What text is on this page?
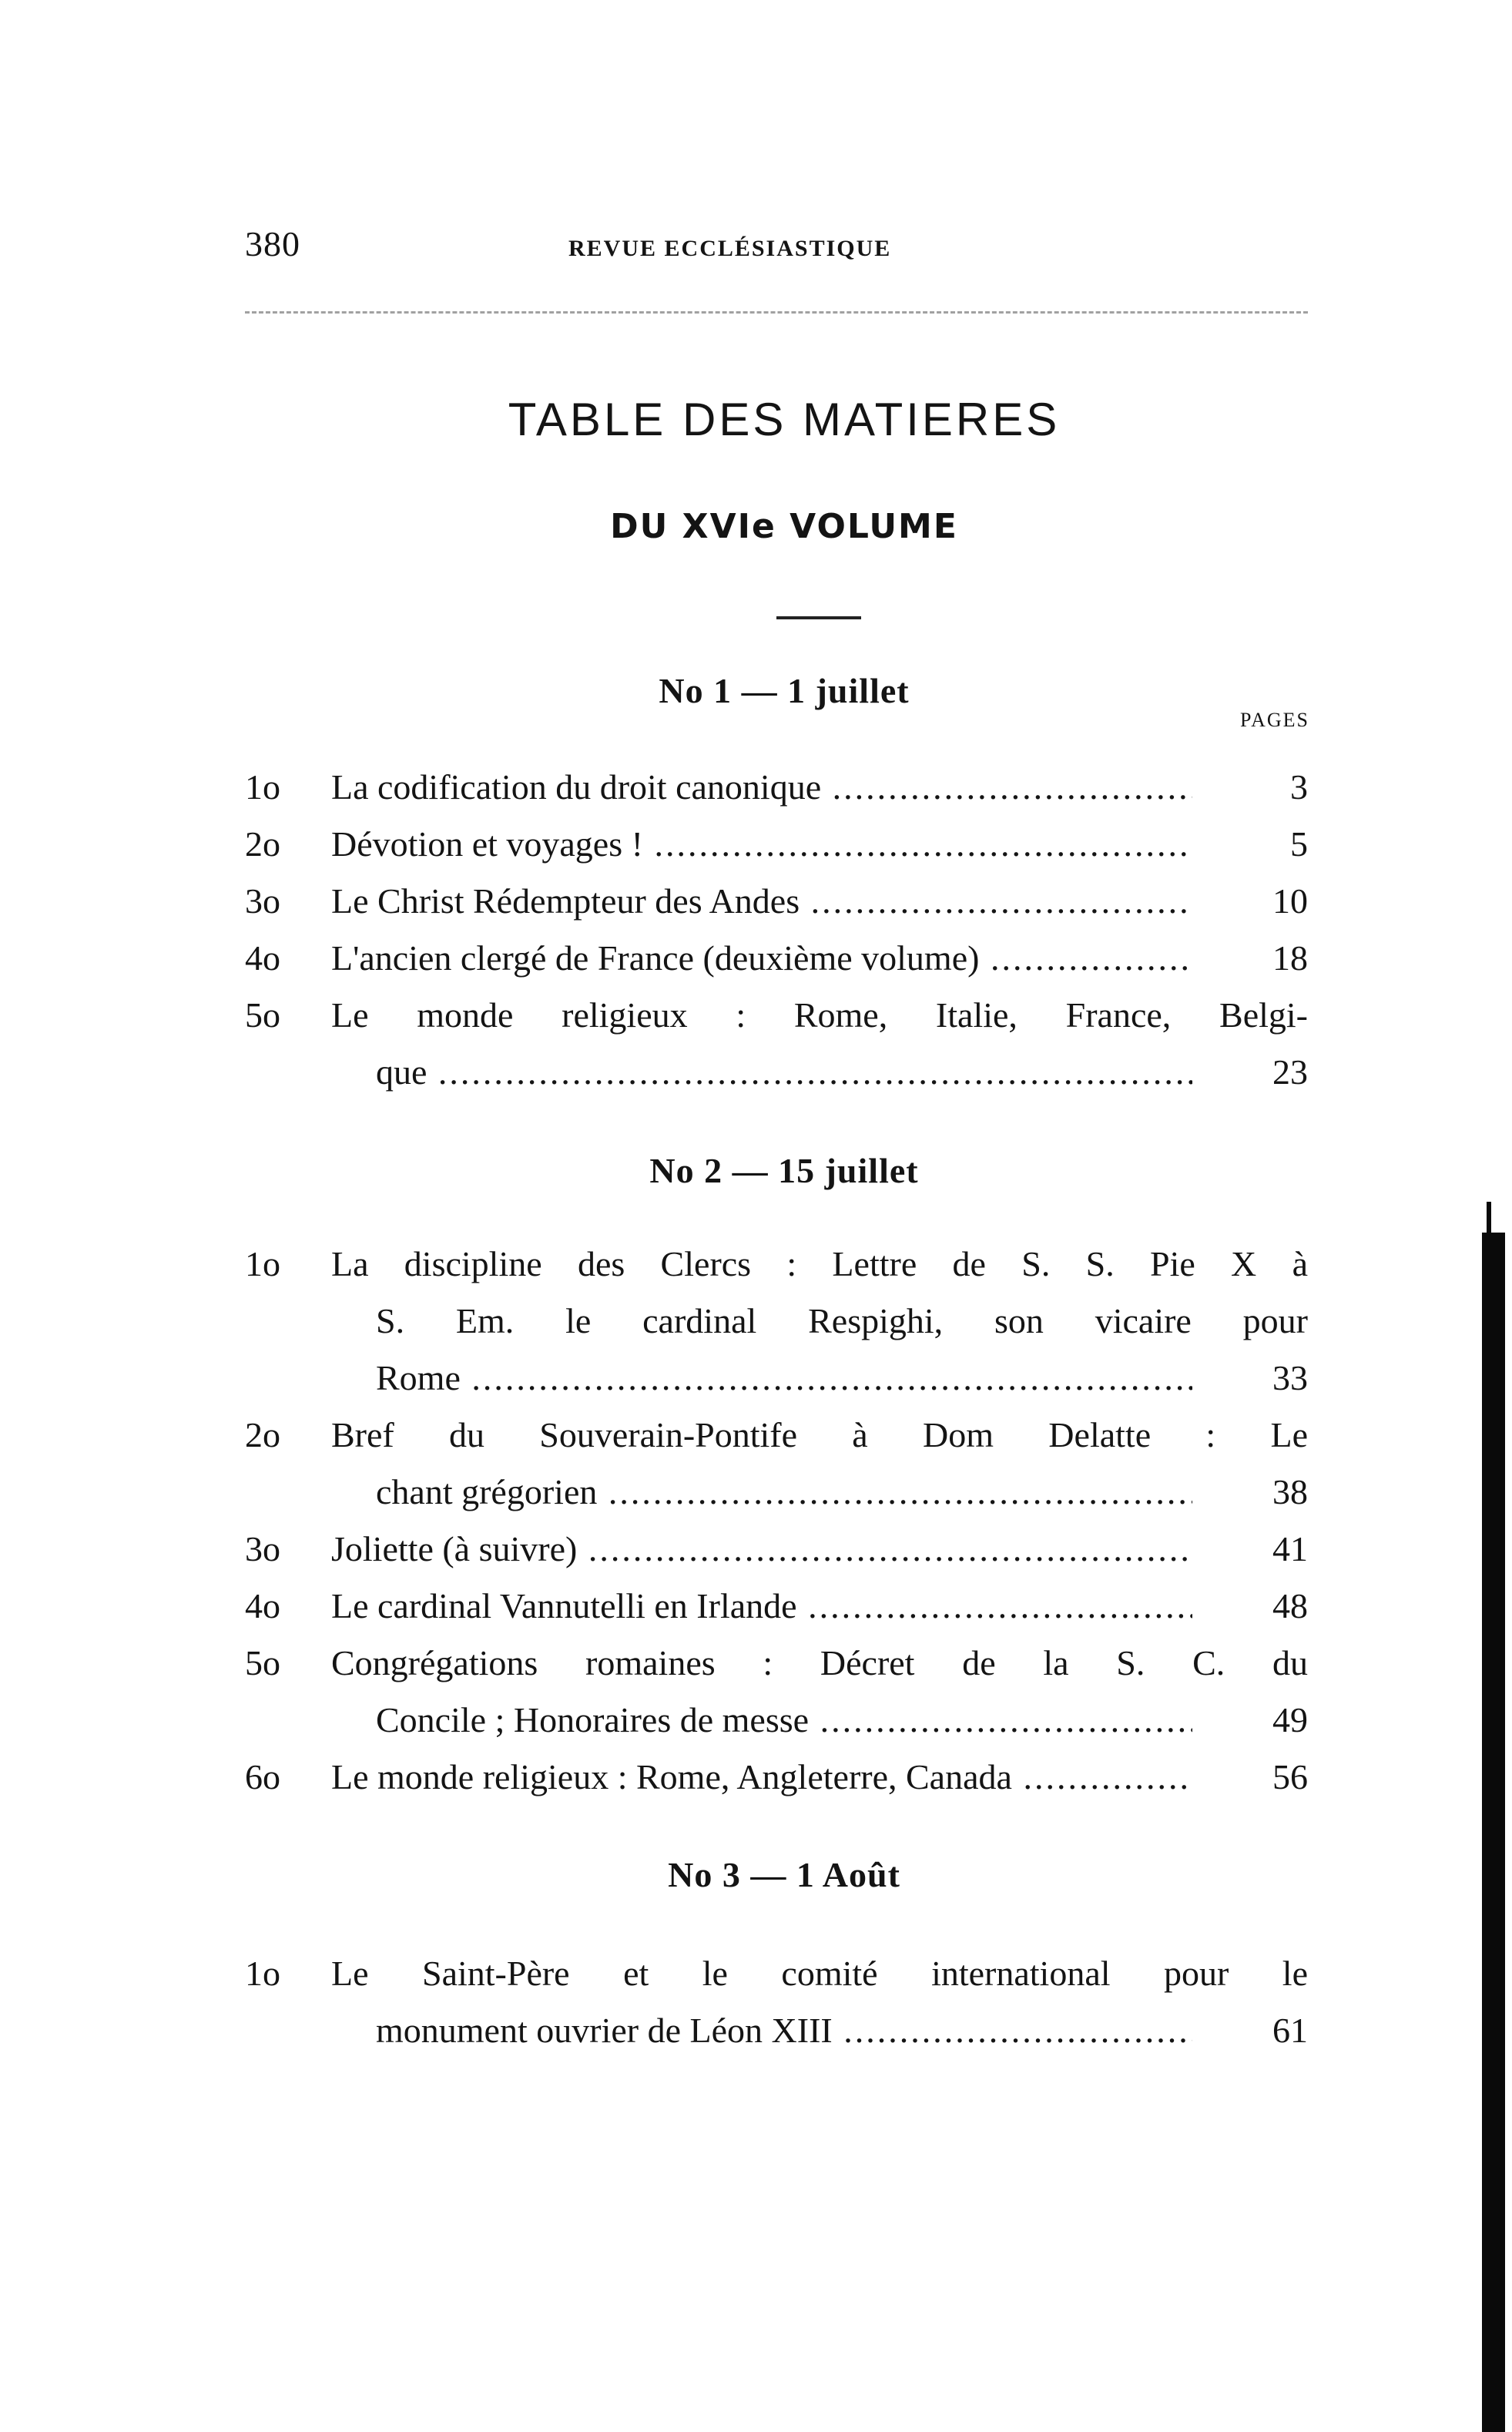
380	REVUE ECCLÉSIASTIQUE
TABLE DES MATIERES
DU XVIe VOLUME
No 1 — 1 juillet
PAGES
1o	La codification du droit canonique .....	3
2o	Dévotion et voyages ! .....	5
3o	Le Christ Rédempteur des Andes .....	10
4o	L'ancien clergé de France (deuxième volume) .....	18
5o	Le monde religieux : Rome, Italie, France, Belgi-
que .....	23
No 2 — 15 juillet
1o	La discipline des Clercs : Lettre de S. S. Pie X à
S. Em. le cardinal Respighi, son vicaire pour
Rome .....	33
2o	Bref du Souverain-Pontife à Dom Delatte : Le
chant grégorien .....	38
3o	Joliette (à suivre) .....	41
4o	Le cardinal Vannutelli en Irlande .....	48
5o	Congrégations romaines : Décret de la S. C. du
Concile ; Honoraires de messe .....	49
6o	Le monde religieux : Rome, Angleterre, Canada .....	56
No 3 — 1 Août
1o	Le Saint-Père et le comité international pour le
monument ouvrier de Léon XIII .....	61
